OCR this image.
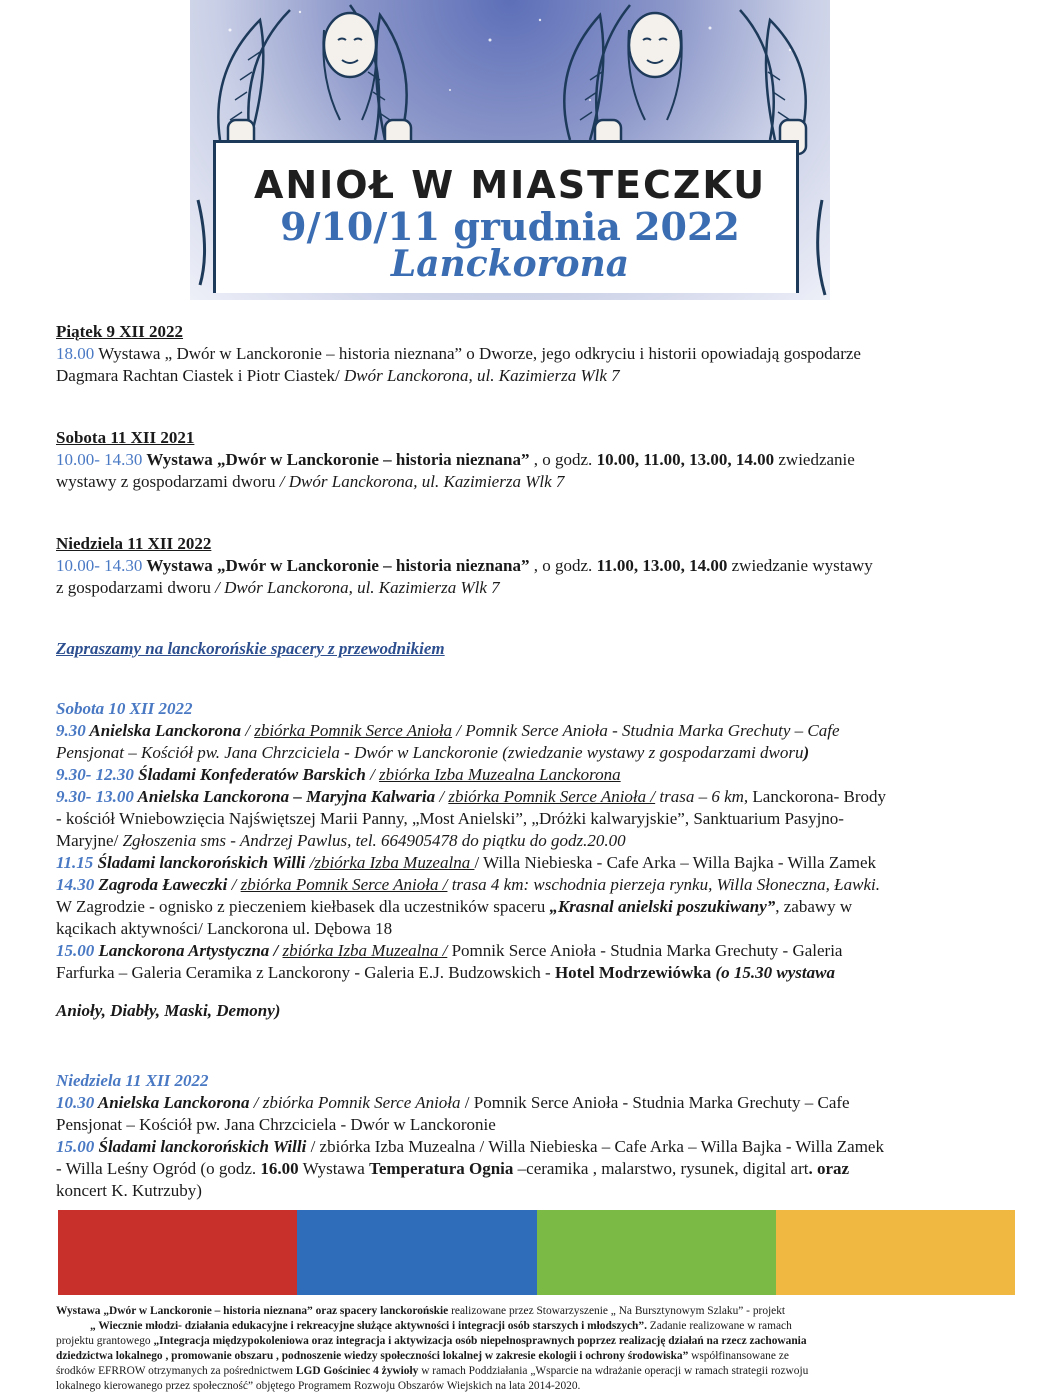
ANIOŁ W MIASTECZKU
9/10/11 grudnia 2022
Lanckorona
Piątek 9 XII 2022
18.00 Wystawa „ Dwór w Lanckoronie – historia nieznana” o Dworze, jego odkryciu i historii opowiadają gospodarze
Dagmara Rachtan Ciastek i Piotr Ciastek/ Dwór Lanckorona, ul. Kazimierza Wlk 7
Sobota 11 XII 2021
10.00- 14.30 Wystawa „Dwór w Lanckoronie – historia nieznana” , o godz. 10.00, 11.00, 13.00, 14.00 zwiedzanie
wystawy z gospodarzami dworu / Dwór Lanckorona, ul. Kazimierza Wlk 7
Niedziela 11 XII 2022
10.00- 14.30 Wystawa „Dwór w Lanckoronie – historia nieznana” , o godz. 11.00, 13.00, 14.00 zwiedzanie wystawy
z gospodarzami dworu / Dwór Lanckorona, ul. Kazimierza Wlk 7
Zapraszamy na lanckorońskie spacery z przewodnikiem
Sobota 10 XII 2022
9.30 Anielska Lanckorona / zbiórka Pomnik Serce Anioła / Pomnik Serce Anioła - Studnia Marka Grechuty – Cafe
Pensjonat – Kościół pw. Jana Chrzciciela - Dwór w Lanckoronie (zwiedzanie wystawy z gospodarzami dworu)
9.30- 12.30 Śladami Konfederatów Barskich / zbiórka Izba Muzealna Lanckorona
9.30- 13.00 Anielska Lanckorona – Maryjna Kalwaria / zbiórka Pomnik Serce Anioła / trasa – 6 km, Lanckorona- Brody
- kościół Wniebowzięcia Najświętszej Marii Panny, „Most Anielski”, „Dróżki kalwaryjskie”, Sanktuarium Pasyjno-
Maryjne/ Zgłoszenia sms - Andrzej Pawlus, tel. 664905478 do piątku do godz.20.00
11.15 Śladami lanckorońskich Willi /zbiórka Izba Muzealna / Willa Niebieska - Cafe Arka – Willa Bajka - Willa Zamek
14.30 Zagroda Ławeczki / zbiórka Pomnik Serce Anioła / trasa 4 km: wschodnia pierzeja rynku, Willa Słoneczna, Ławki.
W Zagrodzie - ognisko z pieczeniem kiełbasek dla uczestników spaceru „Krasnal anielski poszukiwany”, zabawy w
kącikach aktywności/ Lanckorona ul. Dębowa 18
15.00 Lanckorona Artystyczna / zbiórka Izba Muzealna / Pomnik Serce Anioła - Studnia Marka Grechuty - Galeria
Farfurka – Galeria Ceramika z Lanckorony - Galeria E.J. Budzowskich - Hotel Modrzewiówka (o 15.30 wystawa
Anioły, Diabły, Maski, Demony)
Niedziela 11 XII 2022
10.30 Anielska Lanckorona / zbiórka Pomnik Serce Anioła / Pomnik Serce Anioła - Studnia Marka Grechuty – Cafe
Pensjonat – Kościół pw. Jana Chrzciciela - Dwór w Lanckoronie
15.00 Śladami lanckorońskich Willi / zbiórka Izba Muzealna / Willa Niebieska – Cafe Arka – Willa Bajka - Willa Zamek
- Willa Leśny Ogród (o godz. 16.00 Wystawa Temperatura Ognia –ceramika , malarstwo, rysunek, digital art. oraz
koncert K. Kutrzuby)
Wystawa „Dwór w Lanckoronie – historia nieznana” oraz spacery lanckorońskie realizowane przez Stowarzyszenie „ Na Bursztynowym Szlaku” - projekt
„ Wiecznie młodzi- działania edukacyjne i rekreacyjne służące aktywności i integracji osób starszych i młodszych”. Zadanie realizowane w ramach
projektu grantowego „Integracja międzypokoleniowa oraz integracja i aktywizacja osób niepełnosprawnych poprzez realizację działań na rzecz zachowania
dziedzictwa lokalnego , promowanie obszaru , podnoszenie wiedzy społeczności lokalnej w zakresie ekologii i ochrony środowiska” współfinansowane ze
środków EFRROW otrzymanych za pośrednictwem LGD Gościniec 4 żywioły w ramach Poddziałania „Wsparcie na wdrażanie operacji w ramach strategii rozwoju
lokalnego kierowanego przez społeczność” objętego Programem Rozwoju Obszarów Wiejskich na lata 2014-2020.
